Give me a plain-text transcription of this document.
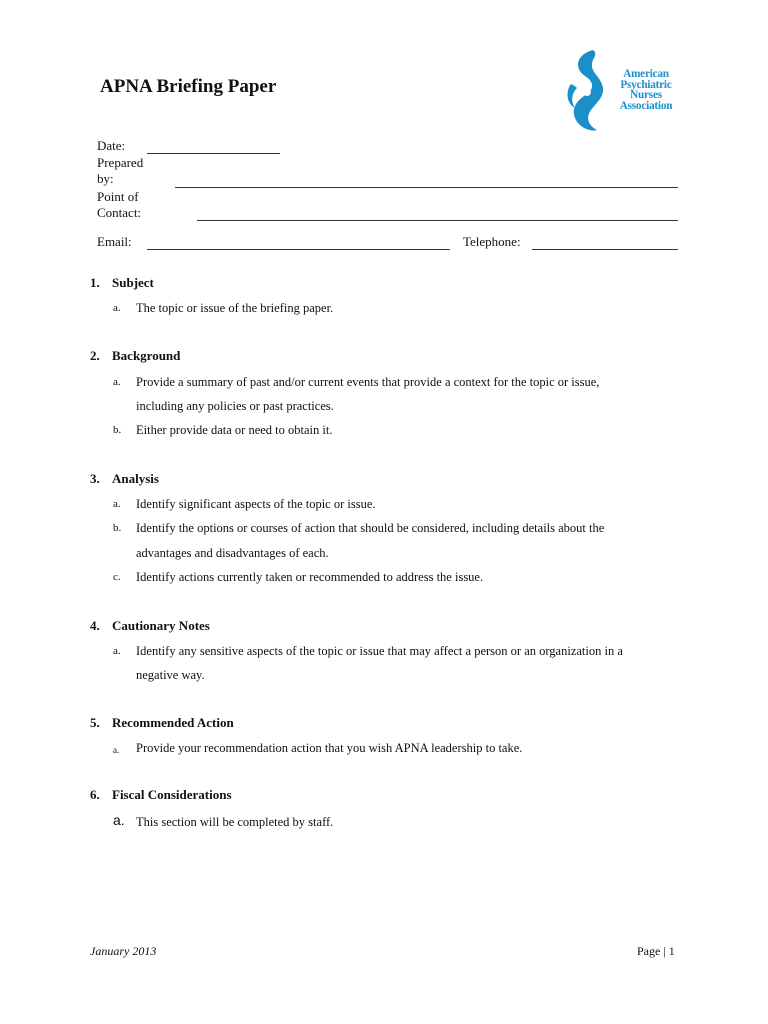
APNA Briefing Paper
American
Psychiatric
Nurses
Association
Date:
Prepared
by:
Point of
Contact:
Email:	Telephone:
1. Subject
a. The topic or issue of the briefing paper.
2. Background
a. Provide a summary of past and/or current events that provide a context for the topic or issue,
including any policies or past practices.
b. Either provide data or need to obtain it.
3. Analysis
a. Identify significant aspects of the topic or issue.
b. Identify the options or courses of action that should be considered, including details about the
advantages and disadvantages of each.
c. Identify actions currently taken or recommended to address the issue.
4. Cautionary Notes
a. Identify any sensitive aspects of the topic or issue that may affect a person or an organization in a
negative way.
5. Recommended Action
a. Provide your recommendation action that you wish APNA leadership to take.
6. Fiscal Considerations
a. This section will be completed by staff.
January 2013	Page | 1
